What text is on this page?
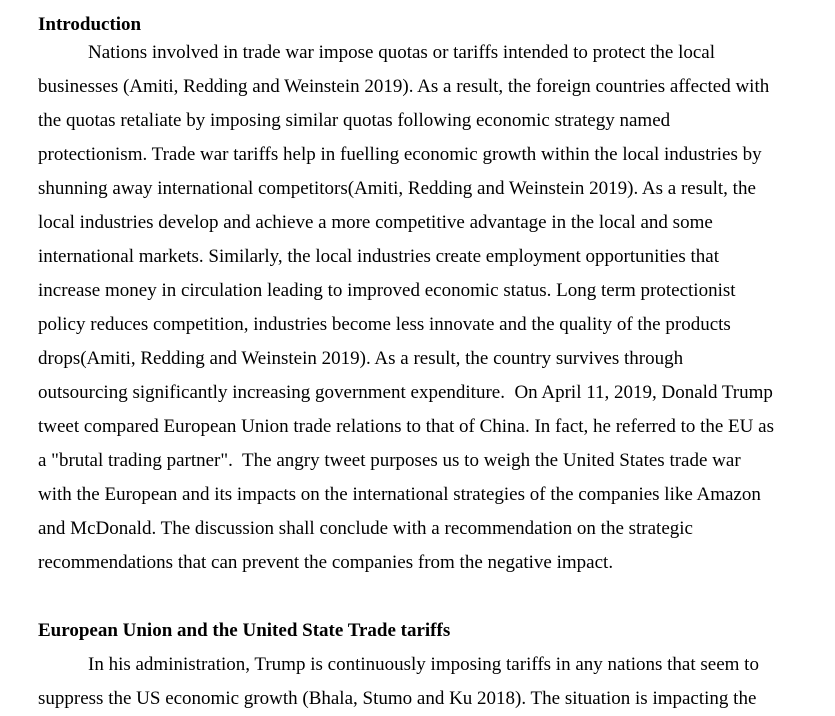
Introduction
Nations involved in trade war impose quotas or tariffs intended to protect the local
businesses (Amiti, Redding and Weinstein 2019). As a result, the foreign countries affected with
the quotas retaliate by imposing similar quotas following economic strategy named
protectionism. Trade war tariffs help in fuelling economic growth within the local industries by
shunning away international competitors(Amiti, Redding and Weinstein 2019). As a result, the
local industries develop and achieve a more competitive advantage in the local and some
international markets. Similarly, the local industries create employment opportunities that
increase money in circulation leading to improved economic status. Long term protectionist
policy reduces competition, industries become less innovate and the quality of the products
drops(Amiti, Redding and Weinstein 2019). As a result, the country survives through
outsourcing significantly increasing government expenditure.  On April 11, 2019, Donald Trump
tweet compared European Union trade relations to that of China. In fact, he referred to the EU as
a "brutal trading partner".  The angry tweet purposes us to weigh the United States trade war
with the European and its impacts on the international strategies of the companies like Amazon
and McDonald. The discussion shall conclude with a recommendation on the strategic
recommendations that can prevent the companies from the negative impact.
European Union and the United State Trade tariffs
In his administration, Trump is continuously imposing tariffs in any nations that seem to
suppress the US economic growth (Bhala, Stumo and Ku 2018). The situation is impacting the
